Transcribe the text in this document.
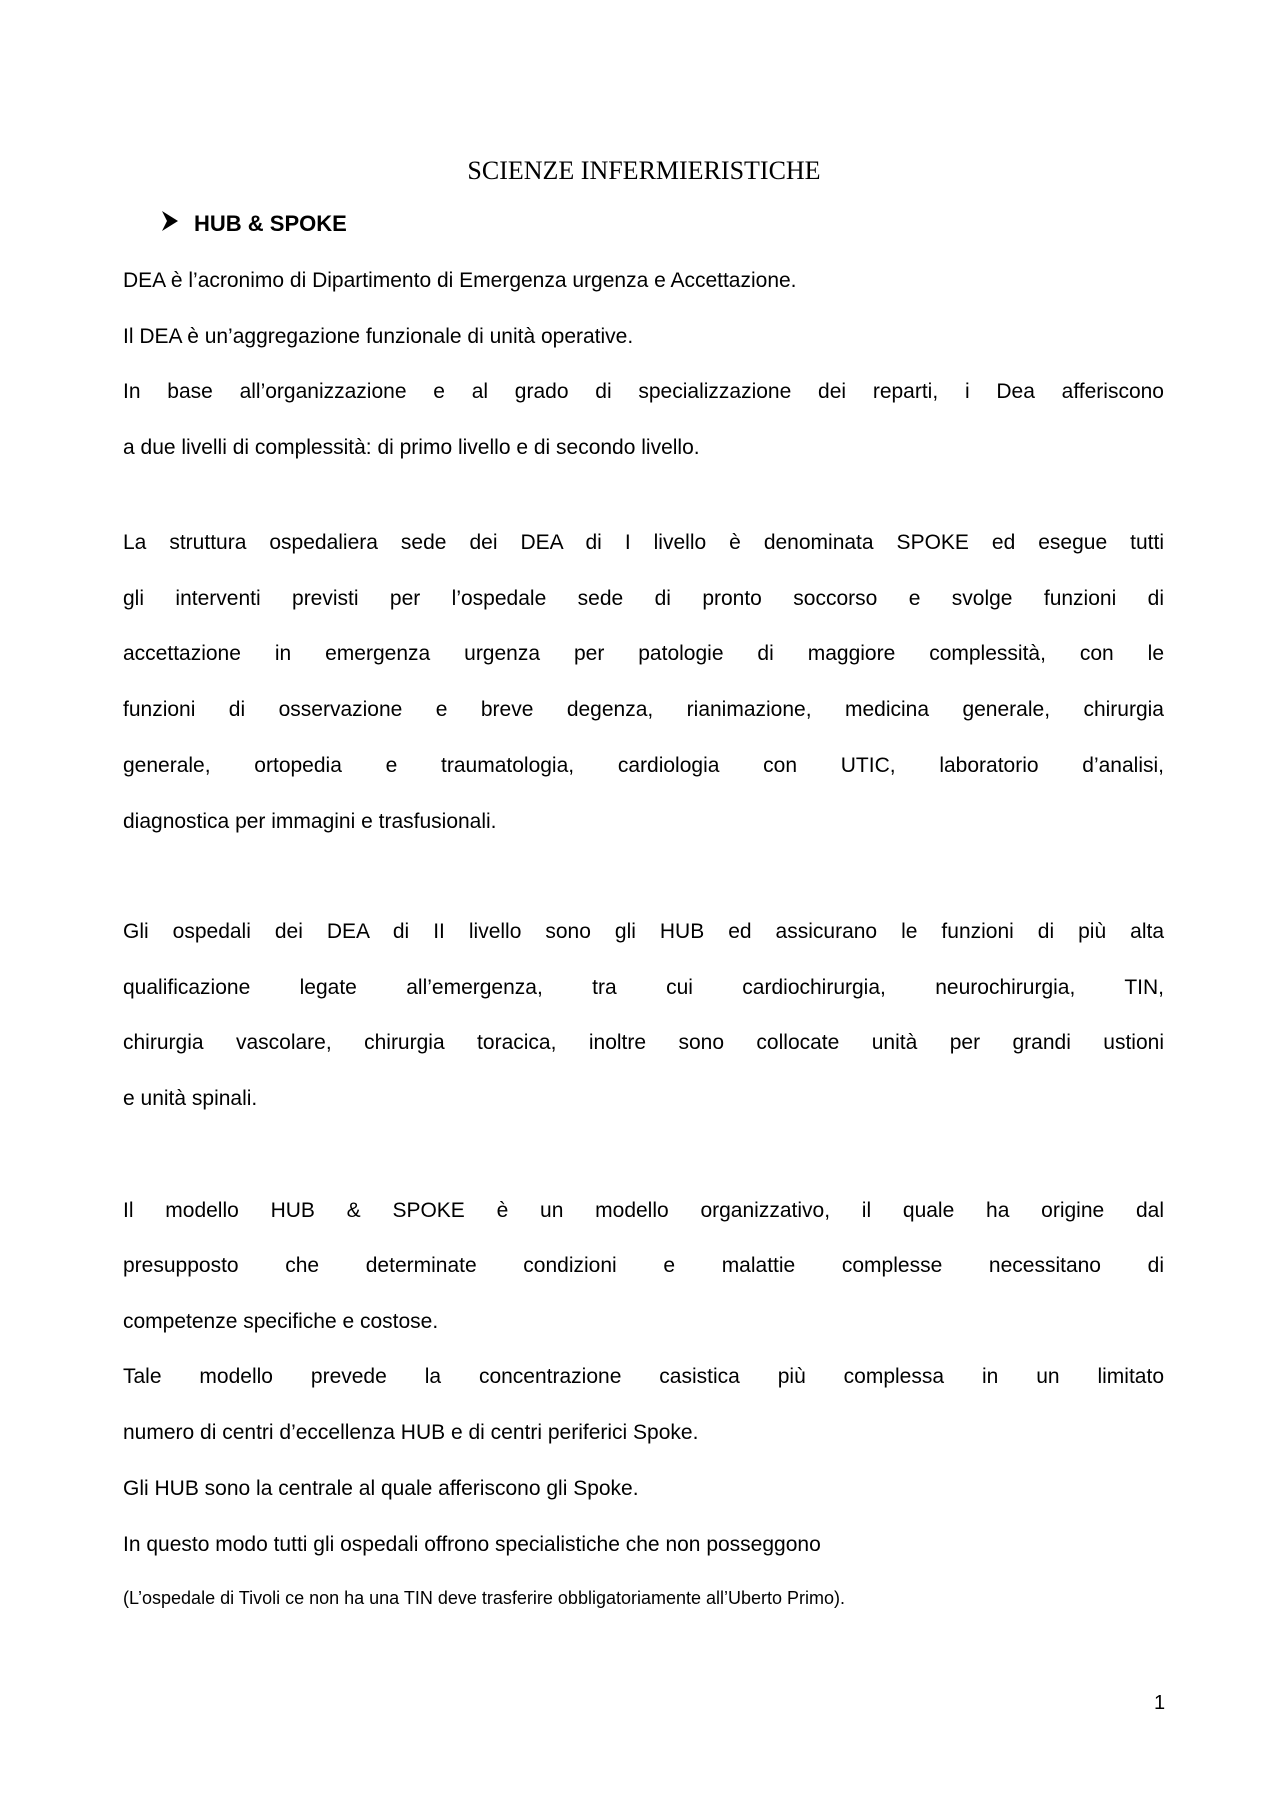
SCIENZE INFERMIERISTICHE
HUB & SPOKE
DEA è l’acronimo di Dipartimento di Emergenza urgenza e Accettazione.
Il DEA è un’aggregazione funzionale di unità operative.
In base all’organizzazione e al grado di specializzazione dei reparti, i Dea afferiscono
a due livelli di complessità: di primo livello e di secondo livello.
La struttura ospedaliera sede dei DEA di I livello è denominata SPOKE ed esegue tutti
gli interventi previsti per l’ospedale sede di pronto soccorso e svolge funzioni di
accettazione in emergenza urgenza per patologie di maggiore complessità, con le
funzioni di osservazione e breve degenza, rianimazione, medicina generale, chirurgia
generale, ortopedia e traumatologia, cardiologia con UTIC, laboratorio d’analisi,
diagnostica per immagini e trasfusionali.
Gli ospedali dei DEA di II livello sono gli HUB ed assicurano le funzioni di più alta
qualificazione legate all’emergenza, tra cui cardiochirurgia, neurochirurgia, TIN,
chirurgia vascolare, chirurgia toracica, inoltre sono collocate unità per grandi ustioni
e unità spinali.
Il modello HUB & SPOKE è un modello organizzativo, il quale ha origine dal
presupposto che determinate condizioni e malattie complesse necessitano di
competenze specifiche e costose.
Tale modello prevede la concentrazione casistica più complessa in un limitato
numero di centri d’eccellenza HUB e di centri periferici Spoke.
Gli HUB sono la centrale al quale afferiscono gli Spoke.
In questo modo tutti gli ospedali offrono specialistiche che non posseggono
(L’ospedale di Tivoli ce non ha una TIN deve trasferire obbligatoriamente all’Uberto Primo).
1
